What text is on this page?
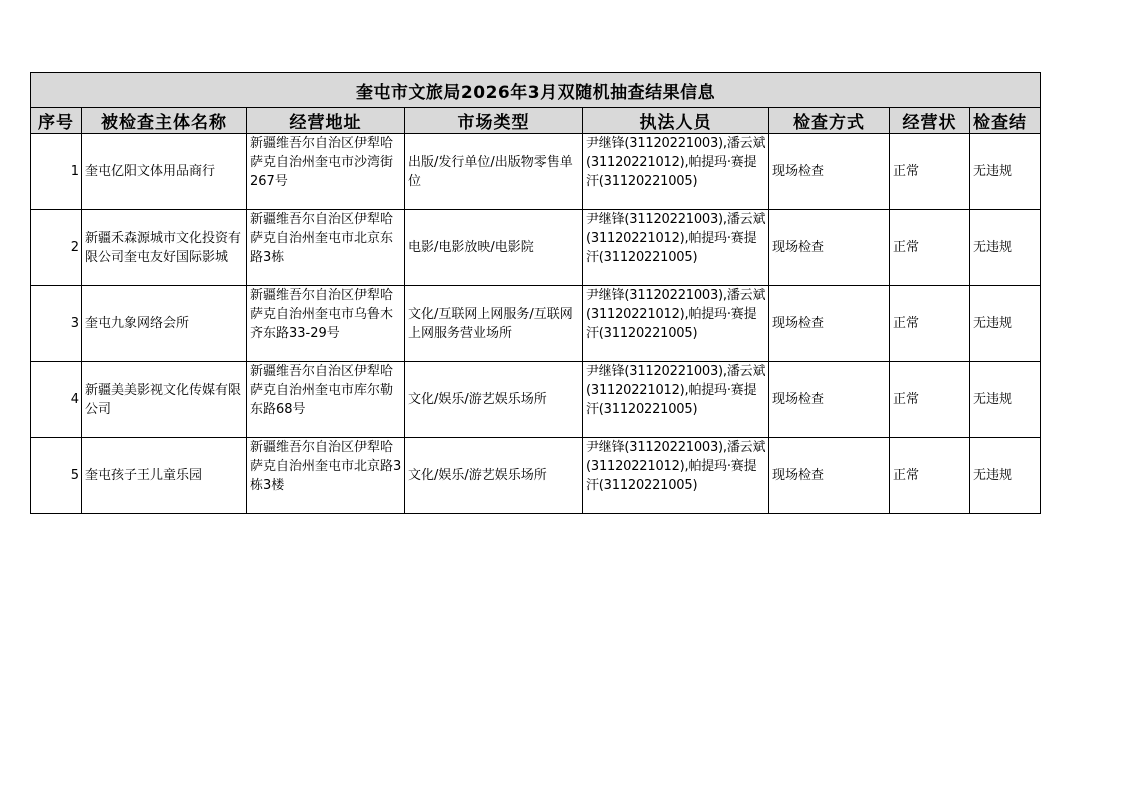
奎屯市文旅局2026年3月双随机抽查结果信息							
序号	被检查主体名称	经营地址	市场类型	执法人员	检查方式	经营状	检查结
1	奎屯亿阳文体用品商行	新疆维吾尔自治区伊犁哈萨克自治州奎屯市沙湾街267号	出版/发行单位/出版物零售单位	尹继锋(31120221003),潘云斌(31120221012),帕提玛·赛提汗(31120221005)	现场检查	正常	无违规
2	新疆禾森源城市文化投资有限公司奎屯友好国际影城	新疆维吾尔自治区伊犁哈萨克自治州奎屯市北京东路3栋	电影/电影放映/电影院	尹继锋(31120221003),潘云斌(31120221012),帕提玛·赛提汗(31120221005)	现场检查	正常	无违规
3	奎屯九象网络会所	新疆维吾尔自治区伊犁哈萨克自治州奎屯市乌鲁木齐东路33-29号	文化/互联网上网服务/互联网上网服务营业场所	尹继锋(31120221003),潘云斌(31120221012),帕提玛·赛提汗(31120221005)	现场检查	正常	无违规
4	新疆美美影视文化传媒有限公司	新疆维吾尔自治区伊犁哈萨克自治州奎屯市库尔勒东路68号	文化/娱乐/游艺娱乐场所	尹继锋(31120221003),潘云斌(31120221012),帕提玛·赛提汗(31120221005)	现场检查	正常	无违规
5	奎屯孩子王儿童乐园	新疆维吾尔自治区伊犁哈萨克自治州奎屯市北京路3栋3楼	文化/娱乐/游艺娱乐场所	尹继锋(31120221003),潘云斌(31120221012),帕提玛·赛提汗(31120221005)	现场检查	正常	无违规
